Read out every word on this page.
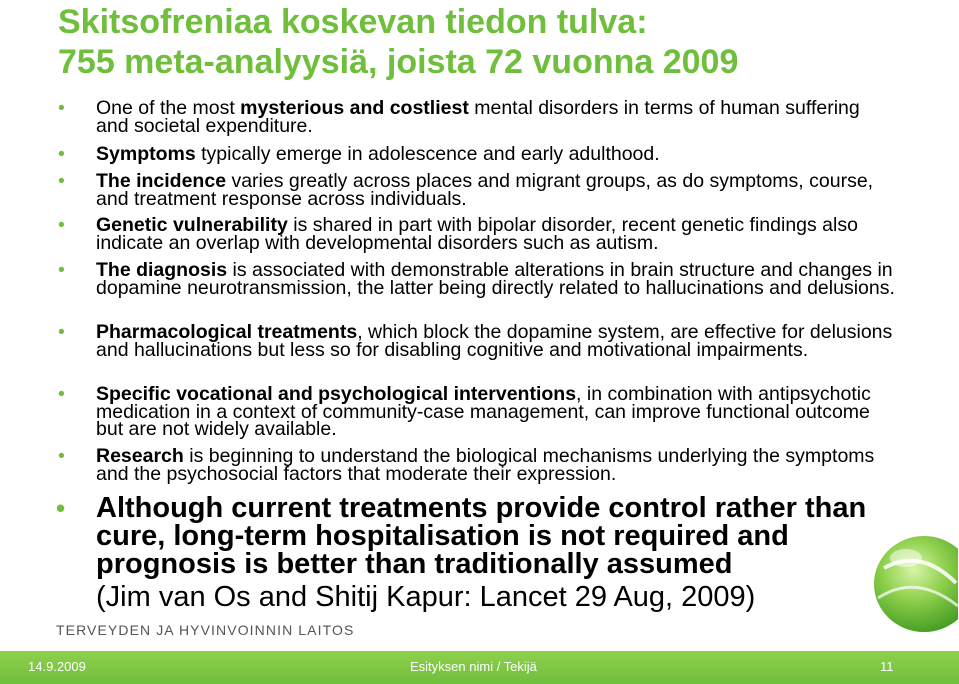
Skitsofreniaa koskevan tiedon tulva:
755 meta-analyysiä, joista 72 vuonna 2009
• One of the most mysterious and costliest mental disorders in terms of human suffering and societal expenditure.
• Symptoms typically emerge in adolescence and early adulthood.
• The incidence varies greatly across places and migrant groups, as do symptoms, course, and treatment response across individuals.
• Genetic vulnerability is shared in part with bipolar disorder, recent genetic findings also indicate an overlap with developmental disorders such as autism.
• The diagnosis is associated with demonstrable alterations in brain structure and changes in dopamine neurotransmission, the latter being directly related to hallucinations and delusions.
• Pharmacological treatments, which block the dopamine system, are effective for delusions and hallucinations but less so for disabling cognitive and motivational impairments.
• Specific vocational and psychological interventions, in combination with antipsychotic medication in a context of community-case management, can improve functional outcome but are not widely available.
• Research is beginning to understand the biological mechanisms underlying the symptoms and the psychosocial factors that moderate their expression.
• Although current treatments provide control rather than cure, long-term hospitalisation is not required and prognosis is better than traditionally assumed
(Jim van Os and Shitij Kapur: Lancet 29 Aug, 2009)
TERVEYDEN JA HYVINVOINNIN LAITOS
14.9.2009	Esityksen nimi / Tekijä	11
